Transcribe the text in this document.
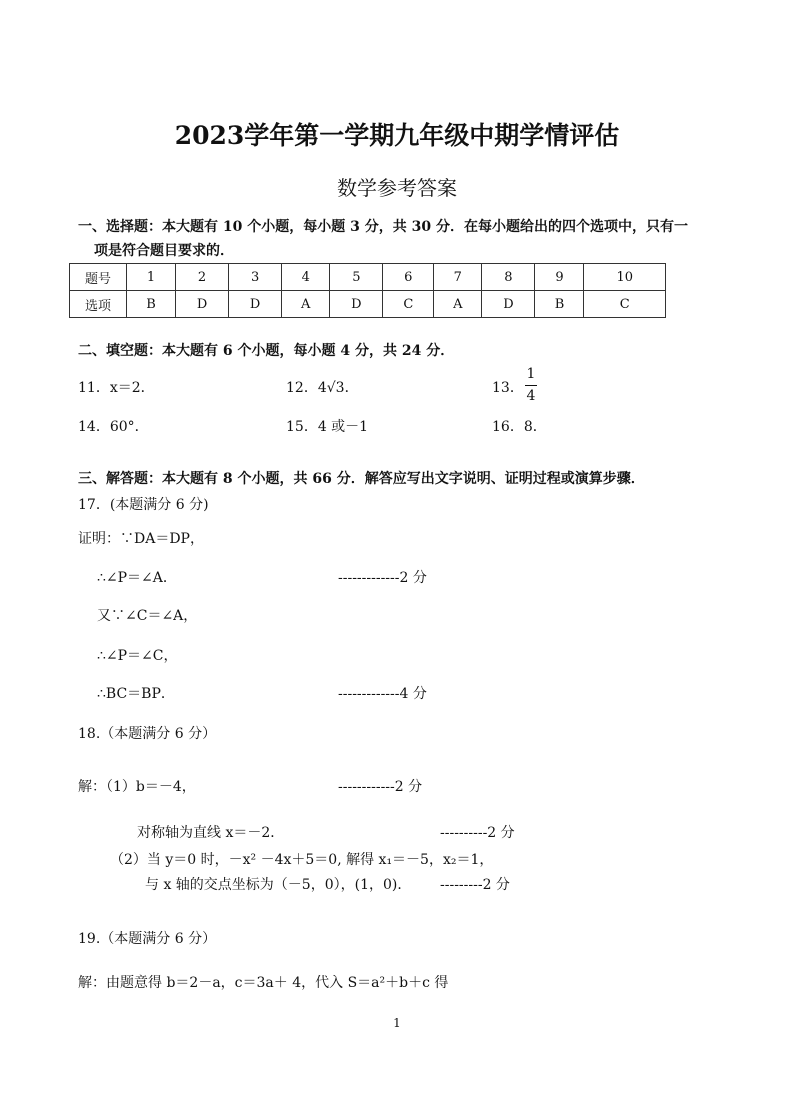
2023学年第一学期九年级中期学情评估
数学参考答案
一、选择题：本大题有 10 个小题，每小题 3 分，共 30 分．在每小题给出的四个选项中，只有一
项是符合题目要求的．
题号	1	2	3	4	5	6	7	8	9	10
选项	B	D	D	A	D	C	A	D	B	C
二、填空题：本大题有 6 个小题，每小题 4 分，共 24 分．
11．x＝2．	12．4√3．	13．
1
4
14．60°．	15．4 或－1	16．8．
三、解答题：本大题有 8 个小题，共 66 分．解答应写出文字说明、证明过程或演算步骤．
17．(本题满分 6 分)
证明：∵DA＝DP，
∴∠P＝∠A．	-------------2 分
又∵∠C＝∠A，
∴∠P＝∠C，
∴BC＝BP．	-------------4 分
18.（本题满分 6 分）
解：（1）b＝－4，	------------2 分
对称轴为直线 x＝－2．	----------2 分
（2）当 y＝0 时，－x² －4x＋5＝0, 解得 x₁＝－5，x₂＝1，
与 x 轴的交点坐标为（－5，0），(1，0)． ---------2 分
19.（本题满分 6 分）
解：由题意得 b＝2－a，c＝3a＋ 4，代入 S＝a²＋b＋c 得
1
